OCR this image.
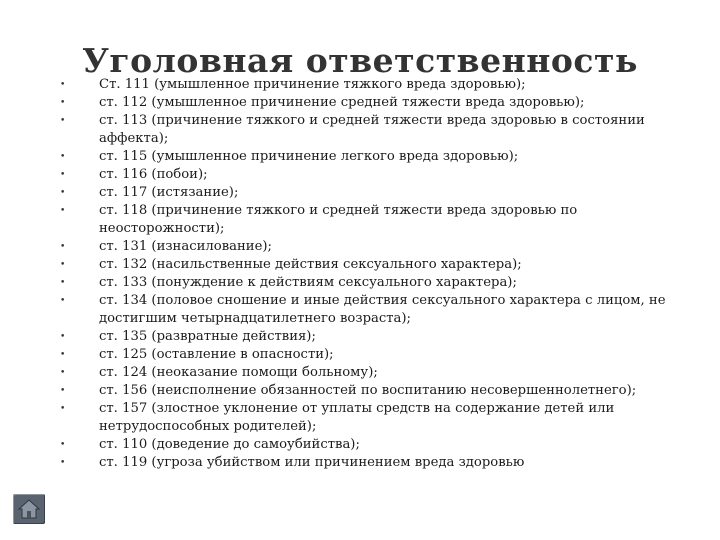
Уголовная ответственность
•	Ст. 111 (умышленное причинение тяжкого вреда здоровью);
•	ст. 112 (умышленное причинение средней тяжести вреда здоровью);
•	ст. 113 (причинение тяжкого и средней тяжести вреда здоровью в состоянии аффекта);
•	ст. 115 (умышленное причинение легкого вреда здоровью);
•	ст. 116 (побои);
•	ст. 117 (истязание);
•	ст. 118 (причинение тяжкого и средней тяжести вреда здоровью по неосторожности);
•	ст. 131 (изнасилование);
•	ст. 132 (насильственные действия сексуального характера);
•	ст. 133 (понуждение к действиям сексуального характера);
•	ст. 134 (половое сношение и иные действия сексуального характера с лицом, не достигшим четырнадцатилетнего возраста);
•	ст. 135 (развратные действия);
•	ст. 125 (оставление в опасности);
•	ст. 124 (неоказание помощи больному);
•	ст. 156 (неисполнение обязанностей по воспитанию несовершеннолетнего);
•	ст. 157 (злостное уклонение от уплаты средств на содержание детей или нетрудоспособных родителей);
•	ст. 110 (доведение до самоубийства);
•	ст. 119 (угроза убийством или причинением вреда здоровью
